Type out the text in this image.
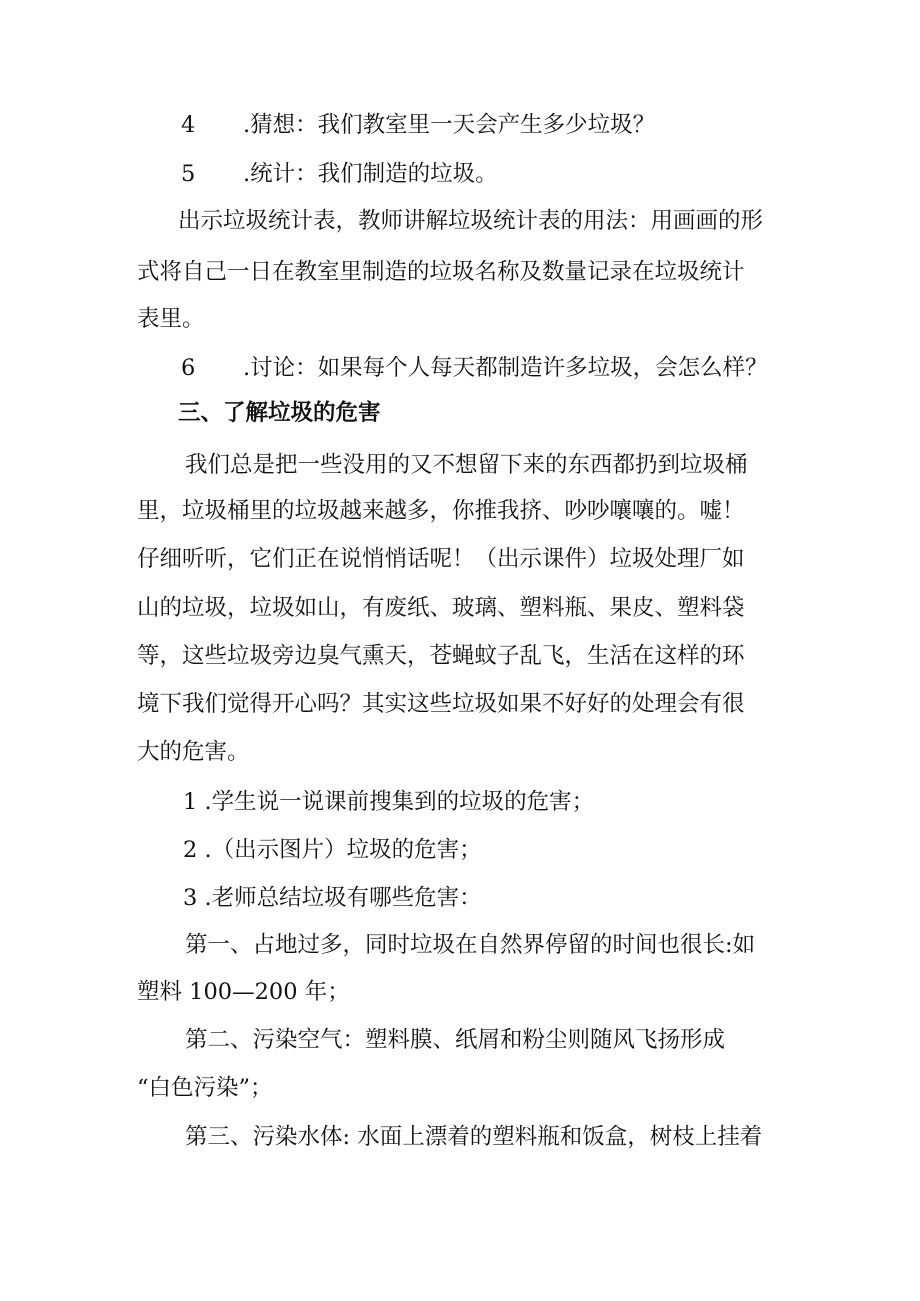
4 .猜想：我们教室里一天会产生多少垃圾？
5 .统计：我们制造的垃圾。
出示垃圾统计表，教师讲解垃圾统计表的用法：用画画的形
式将自己一日在教室里制造的垃圾名称及数量记录在垃圾统计
表里。
6 .讨论：如果每个人每天都制造许多垃圾，会怎么样？
三、了解垃圾的危害
我们总是把一些没用的又不想留下来的东西都扔到垃圾桶
里，垃圾桶里的垃圾越来越多，你推我挤、吵吵嚷嚷的。嘘！
仔细听听，它们正在说悄悄话呢！（出示课件）垃圾处理厂如
山的垃圾，垃圾如山，有废纸、玻璃、塑料瓶、果皮、塑料袋
等，这些垃圾旁边臭气熏天，苍蝇蚊子乱飞，生活在这样的环
境下我们觉得开心吗？其实这些垃圾如果不好好的处理会有很
大的危害。
1 .学生说一说课前搜集到的垃圾的危害；
2 .（出示图片）垃圾的危害；
3 .老师总结垃圾有哪些危害：
第一、占地过多，同时垃圾在自然界停留的时间也很长:如
塑料 100—200 年；
第二、污染空气：塑料膜、纸屑和粉尘则随风飞扬形成
“白色污染”；
第三、污染水体: 水面上漂着的塑料瓶和饭盒，树枝上挂着
